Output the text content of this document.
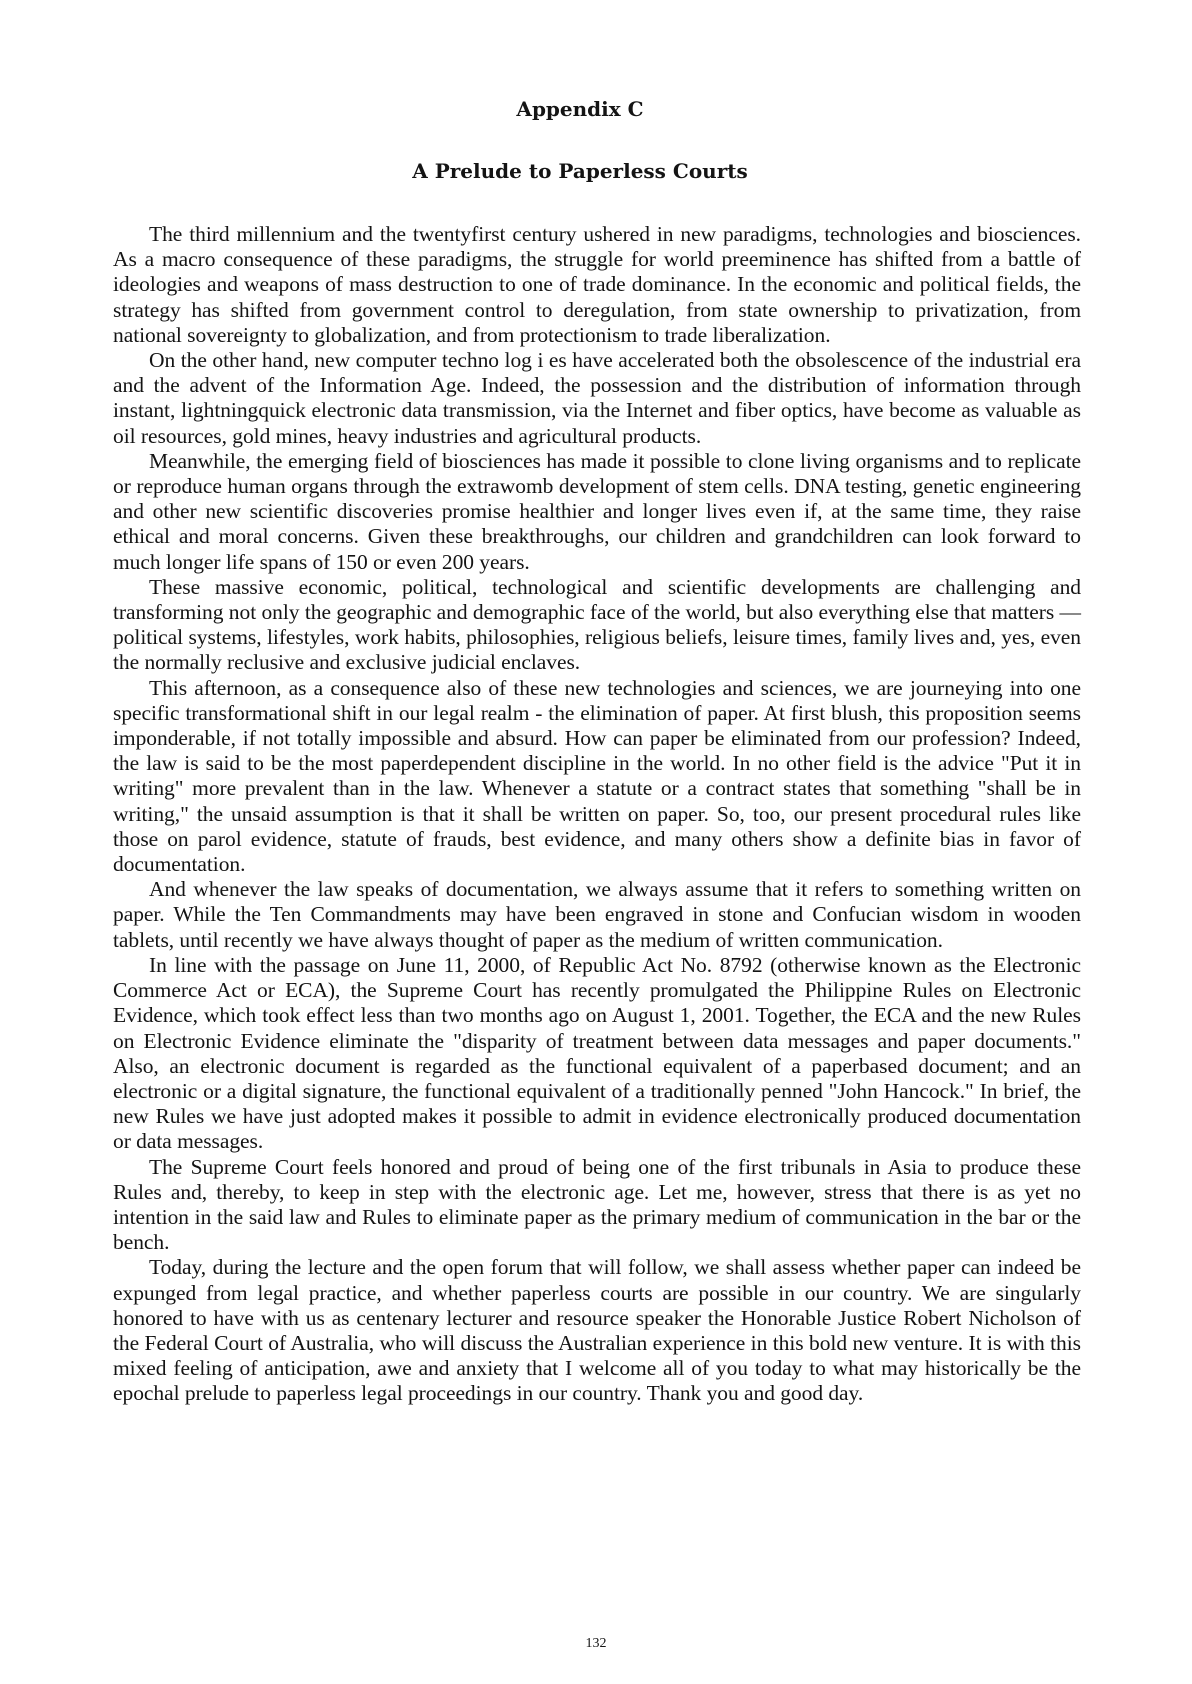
Appendix C
A Prelude to Paperless Courts

The third millennium and the twentyfirst century ushered in new paradigms, technologies and biosciences. As a macro consequence of these paradigms, the struggle for world preeminence has shifted from a battle of ideologies and weapons of mass destruction to one of trade dominance. In the economic and political fields, the strategy has shifted from government control to deregulation, from state ownership to privatization, from national sovereignty to globalization, and from protectionism to trade liberalization.

On the other hand, new computer techno log i es have accelerated both the obsolescence of the industrial era and the advent of the Information Age. Indeed, the possession and the distribution of information through instant, lightningquick electronic data transmission, via the Internet and fiber optics, have become as valuable as oil resources, gold mines, heavy industries and agricultural products.

Meanwhile, the emerging field of biosciences has made it possible to clone living organisms and to replicate or reproduce human organs through the extrawomb development of stem cells. DNA testing, genetic engineering and other new scientific discoveries promise healthier and longer lives even if, at the same time, they raise ethical and moral concerns. Given these breakthroughs, our children and grandchildren can look forward to much longer life spans of 150 or even 200 years.

These massive economic, political, technological and scientific developments are challenging and transforming not only the geographic and demographic face of the world, but also everything else that matters — political systems, lifestyles, work habits, philosophies, religious beliefs, leisure times, family lives and, yes, even the normally reclusive and exclusive judicial enclaves.

This afternoon, as a consequence also of these new technologies and sciences, we are journeying into one specific transformational shift in our legal realm - the elimination of paper. At first blush, this proposition seems imponderable, if not totally impossible and absurd. How can paper be eliminated from our profession? Indeed, the law is said to be the most paperdependent discipline in the world. In no other field is the advice "Put it in writing" more prevalent than in the law. Whenever a statute or a contract states that something "shall be in writing," the unsaid assumption is that it shall be written on paper. So, too, our present procedural rules like those on parol evidence, statute of frauds, best evidence, and many others show a definite bias in favor of documentation.

And whenever the law speaks of documentation, we always assume that it refers to something written on paper. While the Ten Commandments may have been engraved in stone and Confucian wisdom in wooden tablets, until recently we have always thought of paper as the medium of written communication.

In line with the passage on June 11, 2000, of Republic Act No. 8792 (otherwise known as the Electronic Commerce Act or ECA), the Supreme Court has recently promulgated the Philippine Rules on Electronic Evidence, which took effect less than two months ago on August 1, 2001. Together, the ECA and the new Rules on Electronic Evidence eliminate the "disparity of treatment between data messages and paper documents." Also, an electronic document is regarded as the functional equivalent of a paperbased document; and an electronic or a digital signature, the functional equivalent of a traditionally penned "John Hancock." In brief, the new Rules we have just adopted makes it possible to admit in evidence electronically produced documentation or data messages.

The Supreme Court feels honored and proud of being one of the first tribunals in Asia to produce these Rules and, thereby, to keep in step with the electronic age. Let me, however, stress that there is as yet no intention in the said law and Rules to eliminate paper as the primary medium of communication in the bar or the bench.

Today, during the lecture and the open forum that will follow, we shall assess whether paper can indeed be expunged from legal practice, and whether paperless courts are possible in our country. We are singularly honored to have with us as centenary lecturer and resource speaker the Honorable Justice Robert Nicholson of the Federal Court of Australia, who will discuss the Australian experience in this bold new venture. It is with this mixed feeling of anticipation, awe and anxiety that I welcome all of you today to what may historically be the epochal prelude to paperless legal proceedings in our country. Thank you and good day.

132
